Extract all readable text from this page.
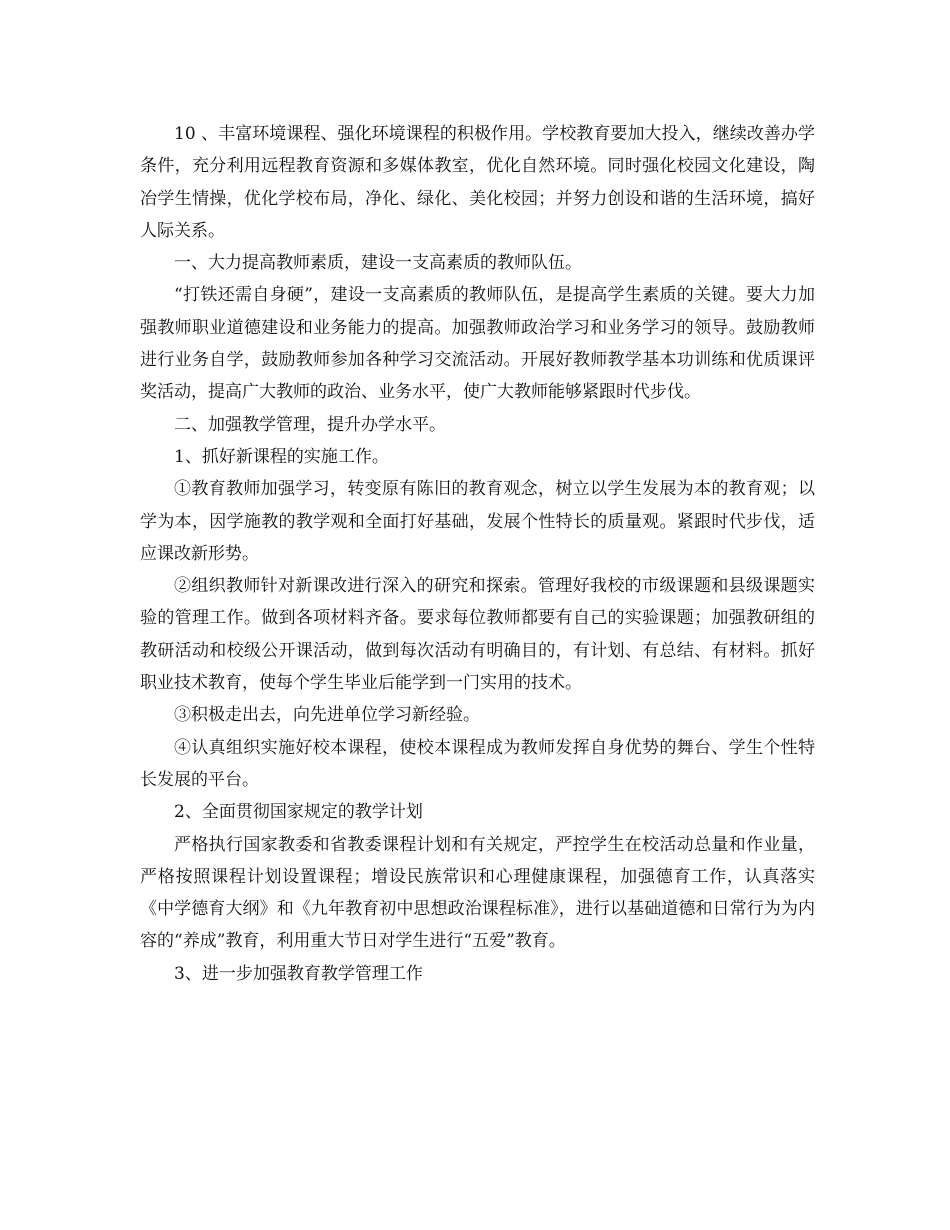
10 、丰富环境课程、强化环境课程的积极作用。学校教育要加大投入，继续改善办学条件，充分利用远程教育资源和多媒体教室，优化自然环境。同时强化校园文化建设，陶冶学生情操，优化学校布局，净化、绿化、美化校园；并努力创设和谐的生活环境，搞好人际关系。

一、大力提高教师素质，建设一支高素质的教师队伍。

“打铁还需自身硬”，建设一支高素质的教师队伍，是提高学生素质的关键。要大力加强教师职业道德建设和业务能力的提高。加强教师政治学习和业务学习的领导。鼓励教师进行业务自学，鼓励教师参加各种学习交流活动。开展好教师教学基本功训练和优质课评奖活动，提高广大教师的政治、业务水平，使广大教师能够紧跟时代步伐。

二、加强教学管理，提升办学水平。

1、抓好新课程的实施工作。

①教育教师加强学习，转变原有陈旧的教育观念，树立以学生发展为本的教育观；以学为本，因学施教的教学观和全面打好基础，发展个性特长的质量观。紧跟时代步伐，适应课改新形势。

②组织教师针对新课改进行深入的研究和探索。管理好我校的市级课题和县级课题实验的管理工作。做到各项材料齐备。要求每位教师都要有自己的实验课题；加强教研组的教研活动和校级公开课活动，做到每次活动有明确目的，有计划、有总结、有材料。抓好职业技术教育，使每个学生毕业后能学到一门实用的技术。

③积极走出去，向先进单位学习新经验。

④认真组织实施好校本课程，使校本课程成为教师发挥自身优势的舞台、学生个性特长发展的平台。

2、全面贯彻国家规定的教学计划

严格执行国家教委和省教委课程计划和有关规定，严控学生在校活动总量和作业量，严格按照课程计划设置课程；增设民族常识和心理健康课程，加强德育工作，认真落实《中学德育大纲》和《九年教育初中思想政治课程标准》，进行以基础道德和日常行为为内容的“养成”教育，利用重大节日对学生进行“五爱”教育。

3、进一步加强教育教学管理工作
